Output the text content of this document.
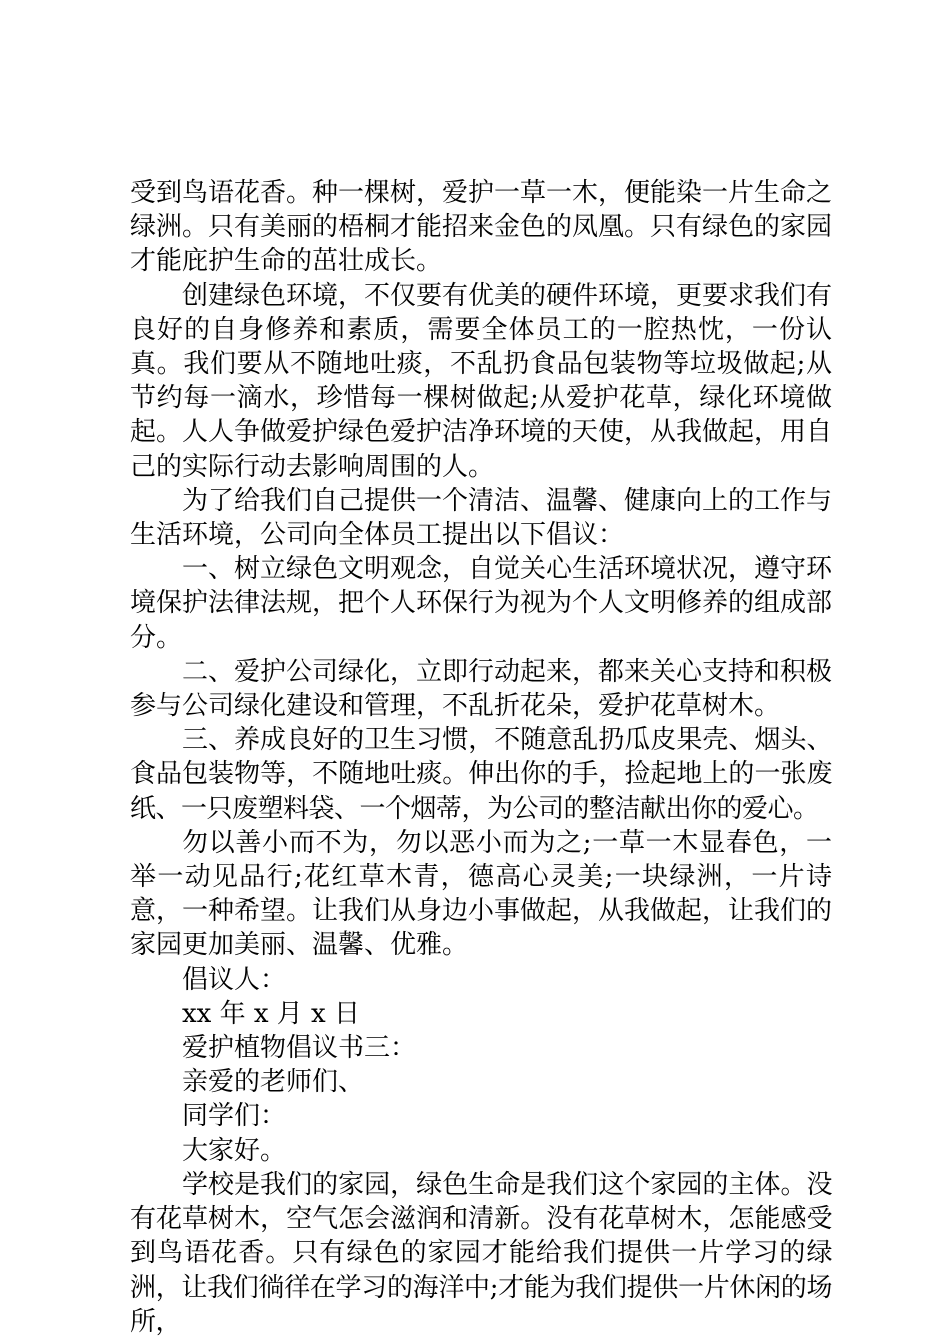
受到鸟语花香。种一棵树，爱护一草一木，便能染一片生命之绿洲。只有美丽的梧桐才能招来金色的凤凰。只有绿色的家园才能庇护生命的茁壮成长。

创建绿色环境，不仅要有优美的硬件环境，更要求我们有良好的自身修养和素质，需要全体员工的一腔热忱，一份认真。我们要从不随地吐痰，不乱扔食品包装物等垃圾做起;从节约每一滴水，珍惜每一棵树做起;从爱护花草，绿化环境做起。人人争做爱护绿色爱护洁净环境的天使，从我做起，用自己的实际行动去影响周围的人。

为了给我们自己提供一个清洁、温馨、健康向上的工作与生活环境，公司向全体员工提出以下倡议：

一、树立绿色文明观念，自觉关心生活环境状况，遵守环境保护法律法规，把个人环保行为视为个人文明修养的组成部分。

二、爱护公司绿化，立即行动起来，都来关心支持和积极参与公司绿化建设和管理，不乱折花朵，爱护花草树木。

三、养成良好的卫生习惯，不随意乱扔瓜皮果壳、烟头、食品包装物等，不随地吐痰。伸出你的手，捡起地上的一张废纸、一只废塑料袋、一个烟蒂，为公司的整洁献出你的爱心。

勿以善小而不为，勿以恶小而为之;一草一木显春色，一举一动见品行;花红草木青，德高心灵美;一块绿洲，一片诗意，一种希望。让我们从身边小事做起，从我做起，让我们的家园更加美丽、温馨、优雅。

倡议人：

xx 年 x 月 x 日

爱护植物倡议书三：

亲爱的老师们、

同学们：

大家好。

学校是我们的家园，绿色生命是我们这个家园的主体。没有花草树木，空气怎会滋润和清新。没有花草树木，怎能感受到鸟语花香。只有绿色的家园才能给我们提供一片学习的绿洲，让我们徜徉在学习的海洋中;才能为我们提供一片休闲的场所，
